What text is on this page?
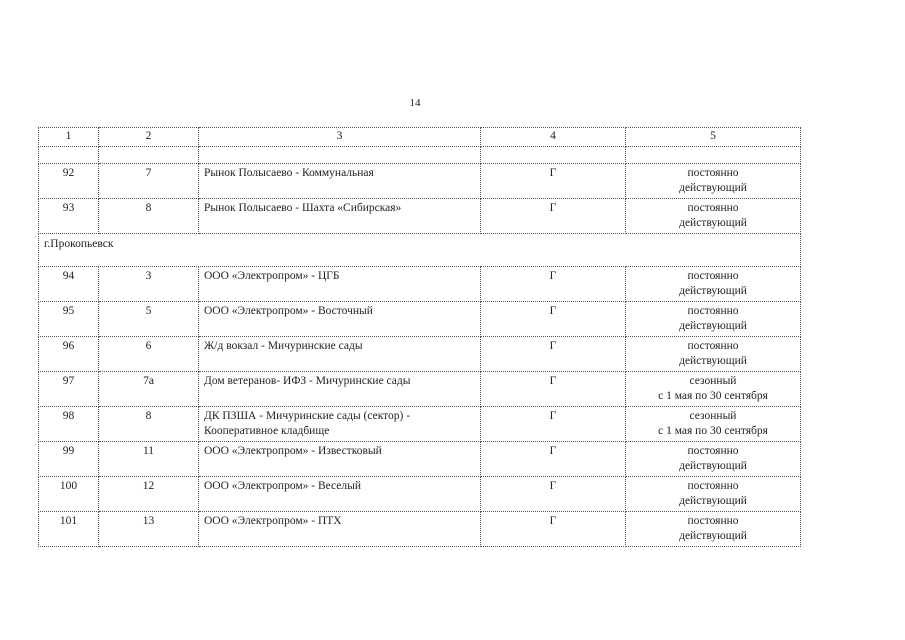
14
1	2	3	4	5

92	7	Рынок Полысаево - Коммунальная	Г	постоянно
действующий

93	8	Рынок Полысаево - Шахта «Сибирская»	Г	постоянно
действующий

г.Прокопьевск				
94	3	ООО «Электропром» - ЦГБ	Г	постоянно
действующий

95	5	ООО «Электропром» - Восточный	Г	постоянно
действующий

96	6	Ж/д вокзал - Мичуринские сады	Г	постоянно
действующий

97	7а	Дом ветеранов- ИФЗ - Мичуринские сады	Г	сезонный
с 1 мая по 30 сентября

98	8	ДК ПЗША - Мичуринские сады (сектор) - Кооперативное кладбище	Г	сезонный
с 1 мая по 30 сентября

99	11	ООО «Электропром» - Известковый	Г	постоянно
действующий

100	12	ООО «Электропром» - Веселый	Г	постоянно
действующий

101	13	ООО «Электропром» - ПТХ	Г	постоянно
действующий
